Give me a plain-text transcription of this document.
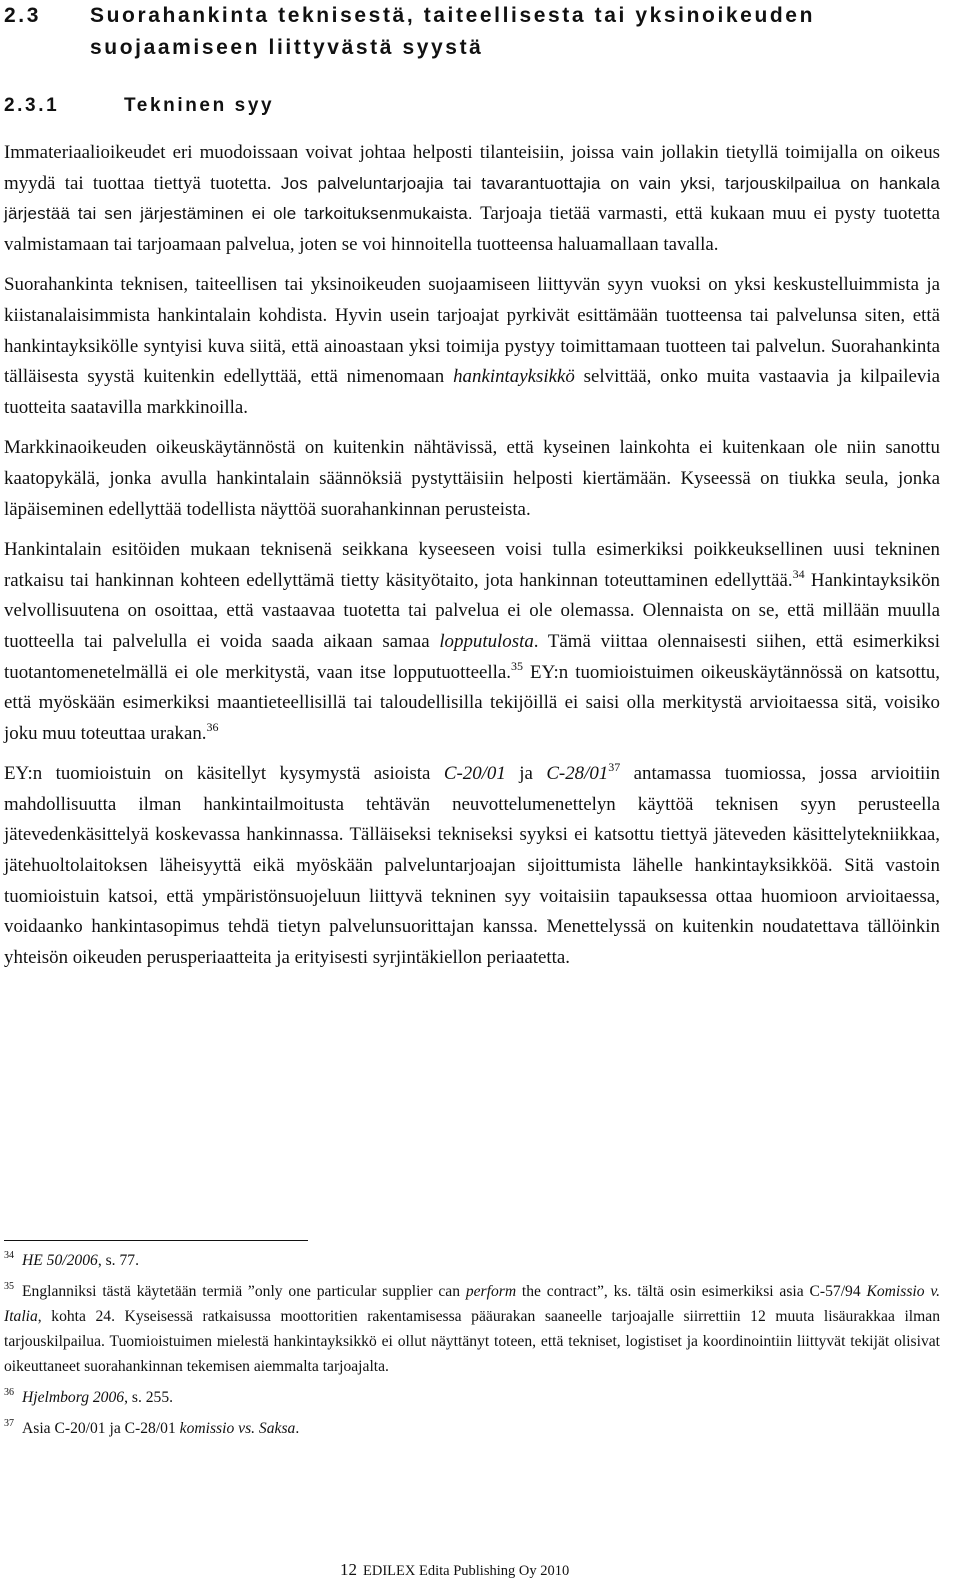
2.3 Suorahankinta teknisestä, taiteellisesta tai yksinoikeuden
suojaamiseen liittyvästä syystä
2.3.1	Tekninen syy

Immateriaalioikeudet eri muodoissaan voivat johtaa helposti tilanteisiin, joissa vain jollakin tietyllä toimijalla on oikeus myydä tai tuottaa tiettyä tuotetta. Jos palveluntarjoajia tai tavarantuottajia on vain yksi, tarjouskilpailua on hankala järjestää tai sen järjestäminen ei ole tarkoituksenmukaista. Tarjoaja tietää varmasti, että kukaan muu ei pysty tuotetta valmistamaan tai tarjoamaan palvelua, joten se voi hinnoitella tuotteensa haluamallaan tavalla.

Suorahankinta teknisen, taiteellisen tai yksinoikeuden suojaamiseen liittyvän syyn vuoksi on yksi keskustelluimmista ja kiistanalaisimmista hankintalain kohdista. Hyvin usein tarjoajat pyrkivät esittämään tuotteensa tai palvelunsa siten, että hankintayksikölle syntyisi kuva siitä, että ainoastaan yksi toimija pystyy toimittamaan tuotteen tai palvelun. Suorahankinta tälläisesta syystä kuitenkin edellyttää, että nimenomaan hankintayksikkö selvittää, onko muita vastaavia ja kilpailevia tuotteita saatavilla markkinoilla.

Markkinaoikeuden oikeuskäytännöstä on kuitenkin nähtävissä, että kyseinen lainkohta ei kuitenkaan ole niin sanottu kaatopykälä, jonka avulla hankintalain säännöksiä pystyttäisiin helposti kiertämään. Kyseessä on tiukka seula, jonka läpäiseminen edellyttää todellista näyttöä suorahankinnan perusteista.

Hankintalain esitöiden mukaan teknisenä seikkana kyseeseen voisi tulla esimerkiksi poikkeuksellinen uusi tekninen ratkaisu tai hankinnan kohteen edellyttämä tietty käsityötaito, jota hankinnan toteuttaminen edellyttää.$^{34}$ Hankintayksikön velvollisuutena on osoittaa, että vastaavaa tuotetta tai palvelua ei ole olemassa. Olennaista on se, että millään muulla tuotteella tai palvelulla ei voida saada aikaan samaa lopputulosta. Tämä viittaa olennaisesti siihen, että esimerkiksi tuotantomenetelmällä ei ole merkitystä, vaan itse lopputuotteella.$^{35}$ EY:n tuomioistuimen oikeuskäytännössä on katsottu, että myöskään esimerkiksi maantieteellisillä tai taloudellisilla tekijöillä ei saisi olla merkitystä arvioitaessa sitä, voisiko joku muu toteuttaa urakan.$^{36}$

EY:n tuomioistuin on käsitellyt kysymystä asioista C-20/01 ja $C-28/01^{37}$ antamassa tuomiossa, jossa arvioitiin mahdollisuutta ilman hankintailmoitusta tehtävän neuvottelumenettelyn käyttöä teknisen syyn perusteella jätevedenkäsittelyä koskevassa hankinnassa. Tälläiseksi tekniseksi syyksi ei katsottu tiettyä jäteveden käsittelytekniikkaa, jätehuoltolaitoksen läheisyyttä eikä myöskään palveluntarjoajan sijoittumista lähelle hankintayksikköä. Sitä vastoin tuomioistuin katsoi, että ympäristönsuojeluun liittyvä tekninen syy voitaisiin tapauksessa ottaa huomioon arvioitaessa, voidaanko hankintasopimus tehdä tietyn palvelunsuorittajan kanssa. Menettelyssä on kuitenkin noudatettava tällöinkin yhteisön oikeuden perusperiaatteita ja erityisesti syrjintäkiellon periaatetta.

$^{34}$ HE 50/2006, s. 77.

$^{35}$ Englanniksi tästä käytetään termiä ”only one particular supplier can perform the contract”, ks. tältä osin esimerkiksi asia C-57/94 Komissio v. Italia, kohta 24. Kyseisessä ratkaisussa moottoritien rakentamisessa pääurakan saaneelle tarjoajalle siirrettiin 12 muuta lisäurakkaa ilman tarjouskilpailua. Tuomioistuimen mielestä hankintayksikkö ei ollut näyttänyt toteen, että tekniset, logistiset ja koordinointiin liittyvät tekijät olisivat oikeuttaneet suorahankinnan tekemisen aiemmalta tarjoajalta.

$^{36}$ Hjelmborg 2006, s. 255.

$^{37}$ Asia C-20/01 ja C-28/01 komissio vs. Saksa.

12 EDILEX Edita Publishing Oy 2010
